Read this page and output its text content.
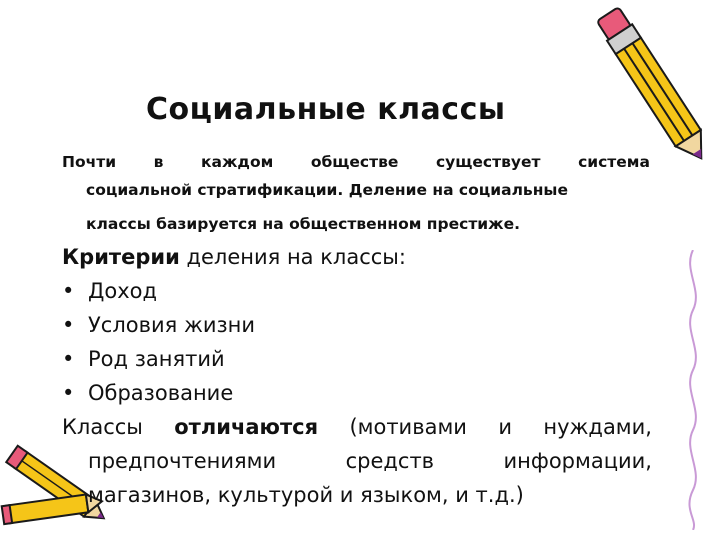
Социальные классы
Почти в каждом обществе существует система
социальной стратификации. Деление на социальные
классы базируется на общественном престиже.
Критерии деления на классы:
• Доход
• Условия жизни
• Род занятий
• Образование
Классы отличаются (мотивами и нуждами,
предпочтениями	средств	информации,
магазинов, культурой и языком, и т.д.)
